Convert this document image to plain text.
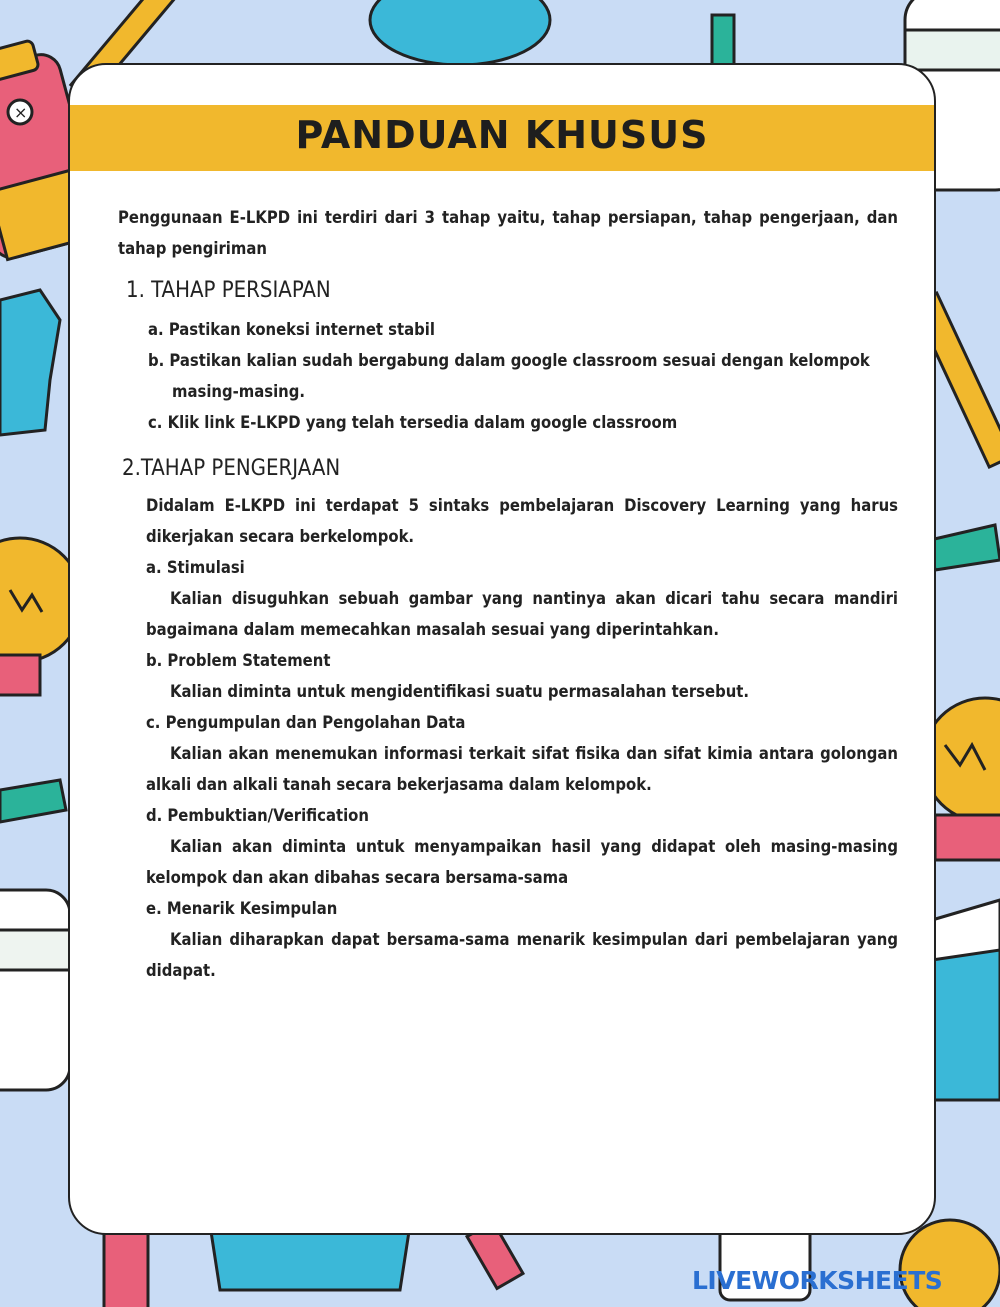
×
PANDUAN KHUSUS

Penggunaan E-LKPD ini terdiri dari 3 tahap yaitu, tahap persiapan, tahap pengerjaan, dan tahap pengiriman

1. TAHAP PERSIAPAN

a. Pastikan koneksi internet stabil

b. Pastikan kalian sudah bergabung dalam google classroom sesuai dengan kelompok masing-masing.

c. Klik link E-LKPD yang telah tersedia dalam google classroom

2.TAHAP PENGERJAAN

Didalam E-LKPD ini terdapat 5 sintaks pembelajaran Discovery Learning yang harus dikerjakan secara berkelompok.

a. Stimulasi

Kalian disuguhkan sebuah gambar yang nantinya akan dicari tahu secara mandiri bagaimana dalam memecahkan masalah sesuai yang diperintahkan.

b. Problem Statement

Kalian diminta untuk mengidentifikasi suatu permasalahan tersebut.

c. Pengumpulan dan Pengolahan Data

Kalian akan menemukan informasi terkait sifat fisika dan sifat kimia antara golongan alkali dan alkali tanah secara bekerjasama dalam kelompok.

d. Pembuktian/Verification

Kalian akan diminta untuk menyampaikan hasil yang didapat oleh masing-masing kelompok dan akan dibahas secara bersama-sama

e. Menarik Kesimpulan

Kalian diharapkan dapat bersama-sama menarik kesimpulan dari pembelajaran yang didapat.

LIVEWORKSHEETS
